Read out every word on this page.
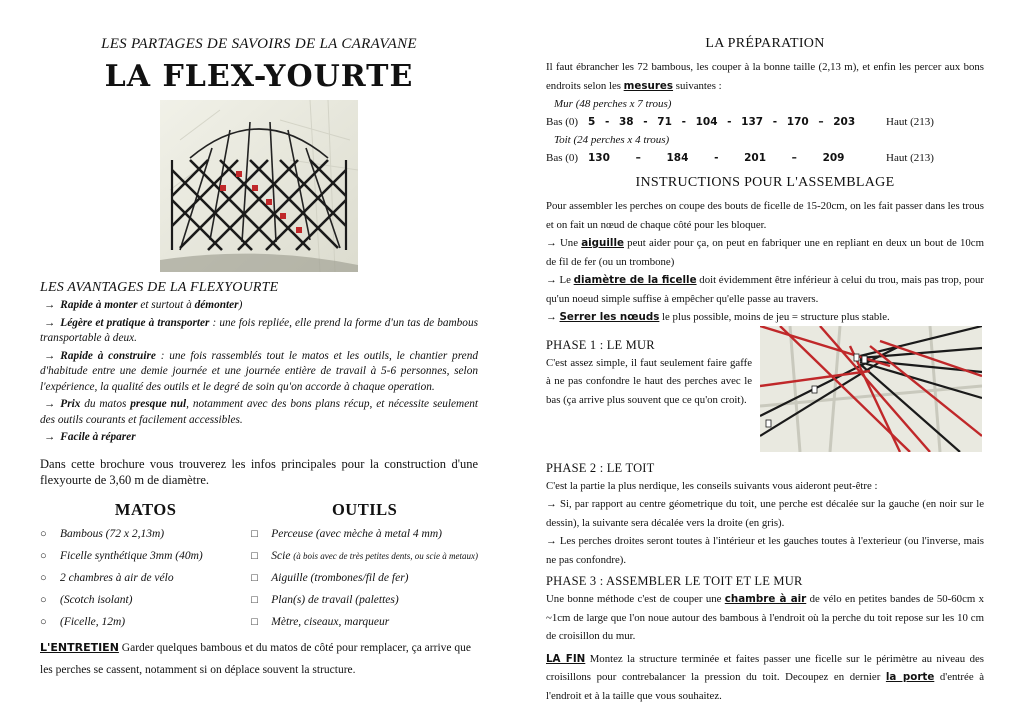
LES PARTAGES DE SAVOIRS DE LA CARAVANE
LA FLEX-YOURTE
LES AVANTAGES DE LA FLEXYOURTE
→ Rapide à monter et surtout à démonter)
→ Légère et pratique à transporter : une fois repliée, elle prend la forme d'un tas de bambous transportable à deux.
→ Rapide à construire : une fois rassemblés tout le matos et les outils, le chantier prend d'habitude entre une demie journée et une journée entière de travail à 5-6 personnes, selon l'expérience, la qualité des outils et le degré de soin qu'on accorde à chaque operation.
→ Prix du matos presque nul, notamment avec des bons plans récup, et nécessite seulement des outils courants et facilement accessibles.
→ Facile à réparer
Dans cette brochure vous trouverez les infos principales pour la construction d'une flexyourte de 3,60 m de diamètre.
MATOS
○ Bambous (72 x 2,13m)
○ Ficelle synthétique 3mm (40m)
○ 2 chambres à air de vélo
○ (Scotch isolant)
○ (Ficelle, 12m)
OUTILS
□ Perceuse (avec mèche à metal 4 mm)
□ Scie (à bois avec de très petites dents, ou scie à metaux)
□ Aiguille (trombones/fil de fer)
□ Plan(s) de travail (palettes)
□ Mètre, ciseaux, marqueur
L'ENTRETIEN Garder quelques bambous et du matos de côté pour remplacer, ça arrive que les perches se cassent, notamment si on déplace souvent la structure.
LA PRÉPARATION
Il faut ébrancher les 72 bambous, les couper à la bonne taille (2,13 m), et enfin les percer aux bons endroits selon les mesures suivantes :
Mur (48 perches x 7 trous)
Bas (0) 5 - 38 - 71 - 104 - 137 - 170 – 203	Haut (213)
Toit (24 perches x 4 trous)
Bas (0) 130 – 184 - 201 – 209	Haut (213)
INSTRUCTIONS POUR L'ASSEMBLAGE
Pour assembler les perches on coupe des bouts de ficelle de 15-20cm, on les fait passer dans les trous et on fait un nœud de chaque côté pour les bloquer.
→ Une aiguille peut aider pour ça, on peut en fabriquer une en repliant en deux un bout de 10cm de fil de fer (ou un trombone)
→ Le diamètre de la ficelle doit évidemment être inférieur à celui du trou, mais pas trop, pour qu'un noeud simple suffise à empêcher qu'elle passe au travers.
→ Serrer les nœuds le plus possible, moins de jeu = structure plus stable.
PHASE 1 : LE MUR
C'est assez simple, il faut seulement faire gaffe à ne pas confondre le haut des perches avec le bas (ça arrive plus souvent que ce qu'on croit).
PHASE 2 : LE TOIT
C'est la partie la plus nerdique, les conseils suivants vous aideront peut-être :
→ Si, par rapport au centre géometrique du toit, une perche est décalée sur la gauche (en noir sur le dessin), la suivante sera décalée vers la droite (en gris).
→ Les perches droites seront toutes à l'intérieur et les gauches toutes à l'exterieur (ou l'inverse, mais ne pas confondre).
PHASE 3 : ASSEMBLER LE TOIT ET LE MUR
Une bonne méthode c'est de couper une chambre à air de vélo en petites bandes de 50-60cm x ~1cm de large que l'on noue autour des bambous à l'endroit où la perche du toit repose sur les 10 cm de croisillon du mur.
LA FIN Montez la structure terminée et faites passer une ficelle sur le périmètre au niveau des croisillons pour contrebalancer la pression du toit. Decoupez en dernier la porte d'entrée à l'endroit et à la taille que vous souhaitez.
